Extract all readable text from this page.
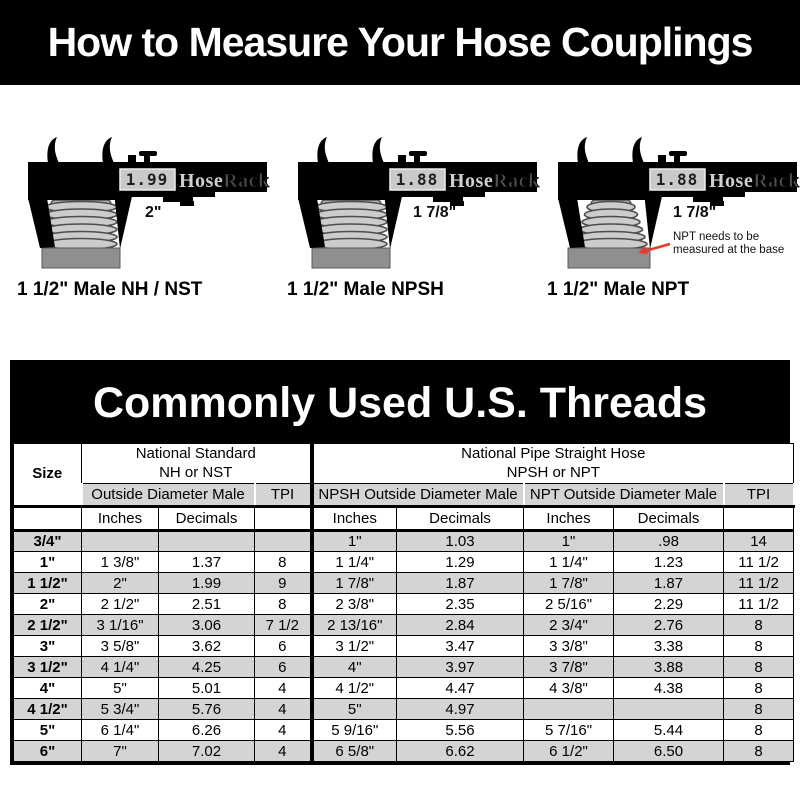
How to Measure Your Hose Couplings
1.99 HoseRack
2"
1 1/2" Male NH / NST
1.88 HoseRack
1 7/8"
1 1/2" Male NPSH
1.88 HoseRack
1 7/8"
NPT needs to be
measured at the base
1 1/2" Male NPT
Commonly Used U.S. Threads
Size	National Standard
NH or NST			National Pipe Straight Hose
NPSH or NPT				

	Outside Diameter Male		TPI	NPSH Outside Diameter Male		NPT Outside Diameter Male		TPI
	Inches	Decimals		Inches	Decimals	Inches	Decimals	
3/4"				1"	1.03	1"	.98	14
1"	1 3/8"	1.37	8	1 1/4"	1.29	1 1/4"	1.23	11 1/2
1 1/2"	2"	1.99	9	1 7/8"	1.87	1 7/8"	1.87	11 1/2
2"	2 1/2"	2.51	8	2 3/8"	2.35	2 5/16"	2.29	11 1/2
2 1/2"	3 1/16"	3.06	7 1/2	2 13/16"	2.84	2 3/4"	2.76	8
3"	3 5/8"	3.62	6	3 1/2"	3.47	3 3/8"	3.38	8
3 1/2"	4 1/4"	4.25	6	4"	3.97	3 7/8"	3.88	8
4"	5"	5.01	4	4 1/2"	4.47	4 3/8"	4.38	8
4 1/2"	5 3/4"	5.76	4	5"	4.97			8
5"	6 1/4"	6.26	4	5 9/16"	5.56	5 7/16"	5.44	8
6"	7"	7.02	4	6 5/8"	6.62	6 1/2"	6.50	8
